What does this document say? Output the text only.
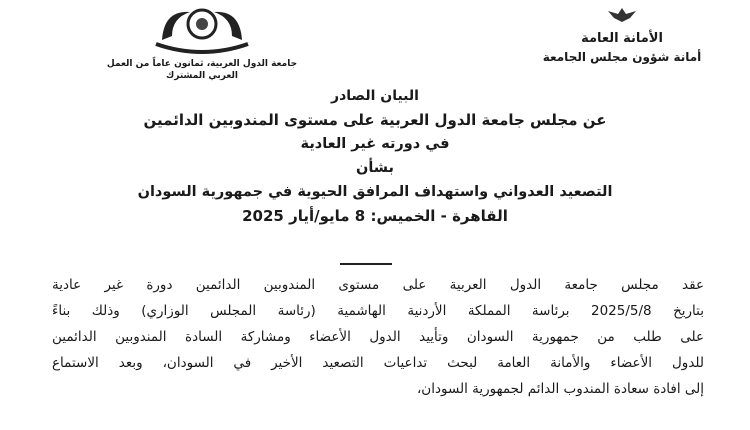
جامعة الدول العربية، ثمانون عاماً من العمل العربي المشترك
الأمانة العامة
أمانة شؤون مجلس الجامعة
البيان الصادر
عن مجلس جامعة الدول العربية على مستوى المندوبين الدائمين
في دورته غير العادية
بشأن
التصعيد العدواني واستهداف المرافق الحيوية في جمهورية السودان
القاهرة - الخميس: 8 مايو/أيار 2025
عقد مجلس جامعة الدول العربية على مستوى المندوبين الدائمين دورة غير عادية
بتاريخ 2025/5/8 برئاسة المملكة الأردنية الهاشمية (رئاسة المجلس الوزاري) وذلك بناءً
على طلب من جمهورية السودان وتأييد الدول الأعضاء ومشاركة السادة المندوبين الدائمين
للدول الأعضاء والأمانة العامة لبحث تداعيات التصعيد الأخير في السودان، وبعد الاستماع
إلى افادة سعادة المندوب الدائم لجمهورية السودان،
